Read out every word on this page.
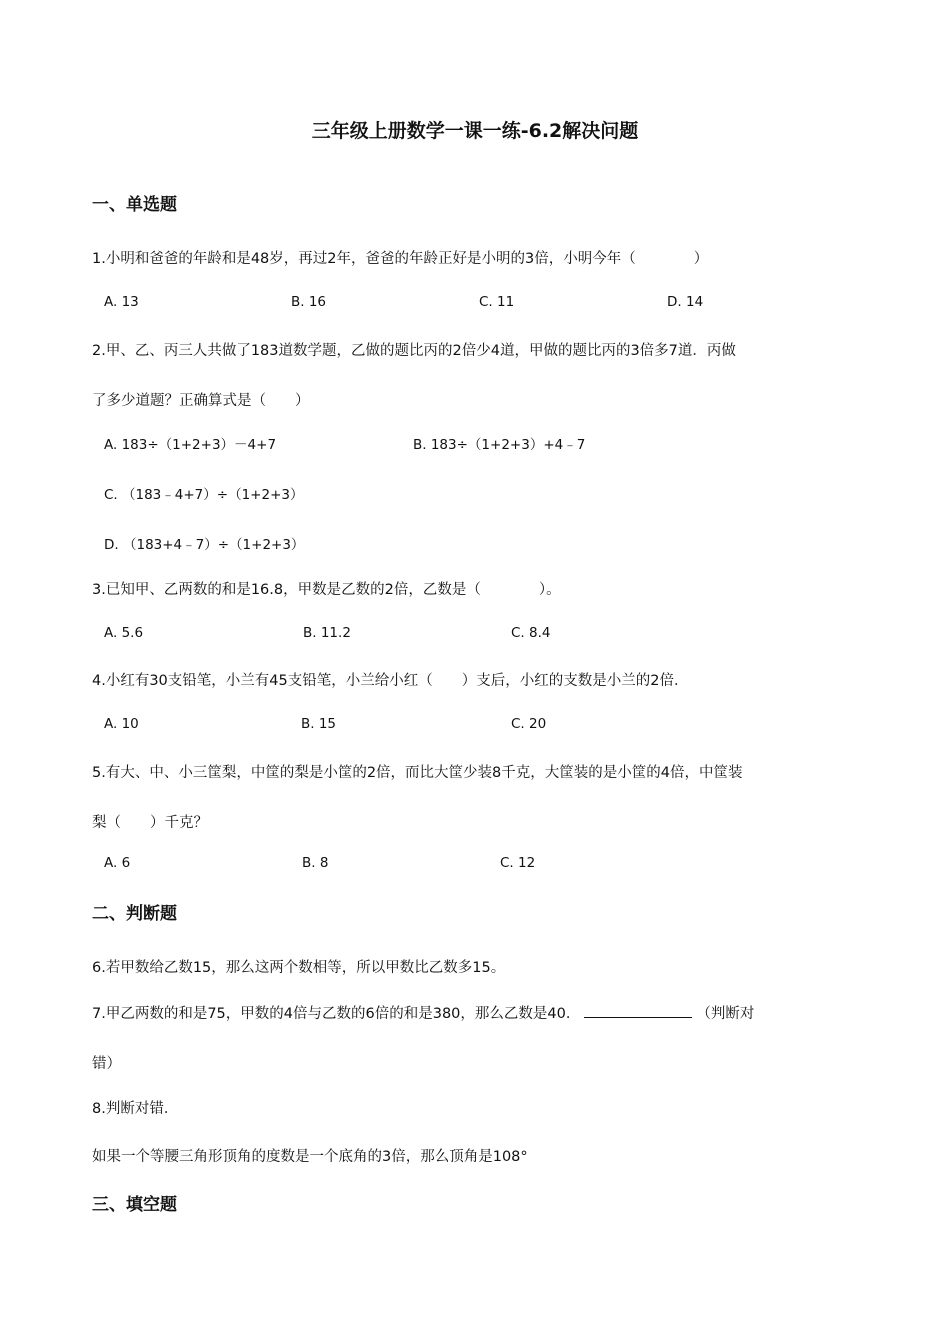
三年级上册数学一课一练-6.2解决问题
一、单选题
1.小明和爸爸的年龄和是48岁，再过2年，爸爸的年龄正好是小明的3倍，小明今年（　　　　）
A. 13	B. 16	C. 11	D. 14
2.甲、乙、丙三人共做了183道数学题，乙做的题比丙的2倍少4道，甲做的题比丙的3倍多7道．丙做
了多少道题？正确算式是（　　）
A. 183÷（1+2+3）－4+7	B. 183÷（1+2+3）+4﹣7
C. （183﹣4+7）÷（1+2+3）
D. （183+4﹣7）÷（1+2+3）
3.已知甲、乙两数的和是16.8，甲数是乙数的2倍，乙数是（　　　　）。
A. 5.6	B. 11.2	C. 8.4
4.小红有30支铅笔，小兰有45支铅笔，小兰给小红（　　）支后，小红的支数是小兰的2倍．
A. 10	B. 15	C. 20
5.有大、中、小三筐梨，中筐的梨是小筐的2倍，而比大筐少装8千克，大筐装的是小筐的4倍，中筐装
梨（　　）千克？
A. 6	B. 8	C. 12
二、判断题
6.若甲数给乙数15，那么这两个数相等，所以甲数比乙数多15。
7.甲乙两数的和是75，甲数的4倍与乙数的6倍的和是380，那么乙数是40．	（判断对
错）
8.判断对错．
如果一个等腰三角形顶角的度数是一个底角的3倍，那么顶角是108°
三、填空题
